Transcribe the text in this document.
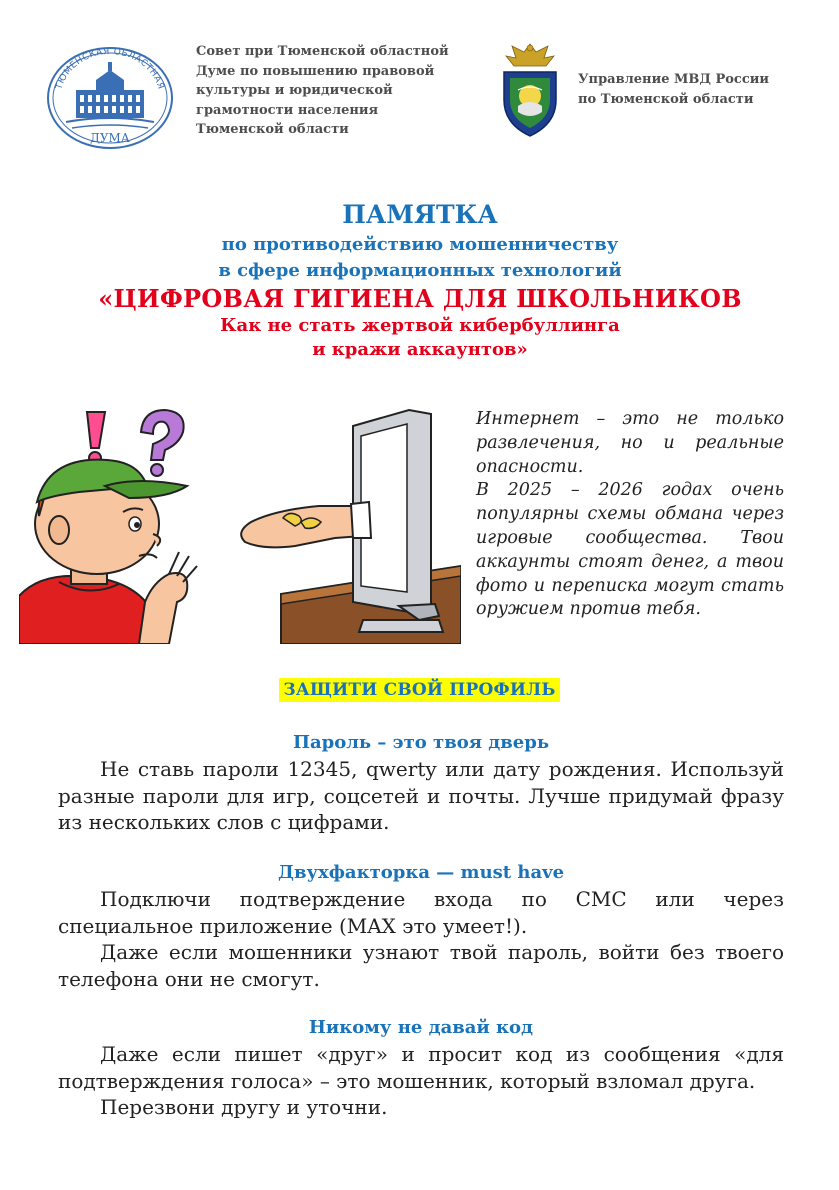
ТЮМЕНСКАЯ ОБЛАСТНАЯ
ДУМА
Совет при Тюменской областной
Думе по повышению правовой
культуры и юридической
грамотности населения
Тюменской области
Управление МВД России
по Тюменской области
ПАМЯТКА
по противодействию мошенничеству
в сфере информационных технологий
«ЦИФРОВАЯ ГИГИЕНА ДЛЯ ШКОЛЬНИКОВ
Как не стать жертвой кибербуллинга
и кражи аккаунтов»

Интернет – это не только развлечения, но и реальные опасности.

В 2025 – 2026 годах очень популярны схемы обмана через игровые сообщества. Твои аккаунты стоят денег, а твои фото и переписка могут стать оружием против тебя.

ЗАЩИТИ СВОЙ ПРОФИЛЬ
Пароль – это твоя дверь

Не ставь пароли 12345, qwerty или дату рождения. Используй разные пароли для игр, соцсетей и почты. Лучше придумай фразу из нескольких слов с цифрами.

Двухфакторка — must have

Подключи подтверждение входа по СМС или через специальное приложение (MAX это умеет!).

Даже если мошенники узнают твой пароль, войти без твоего телефона они не смогут.

Никому не давай код

Даже если пишет «друг» и просит код из сообщения «для подтверждения голоса» – это мошенник, который взломал друга.

Перезвони другу и уточни.
